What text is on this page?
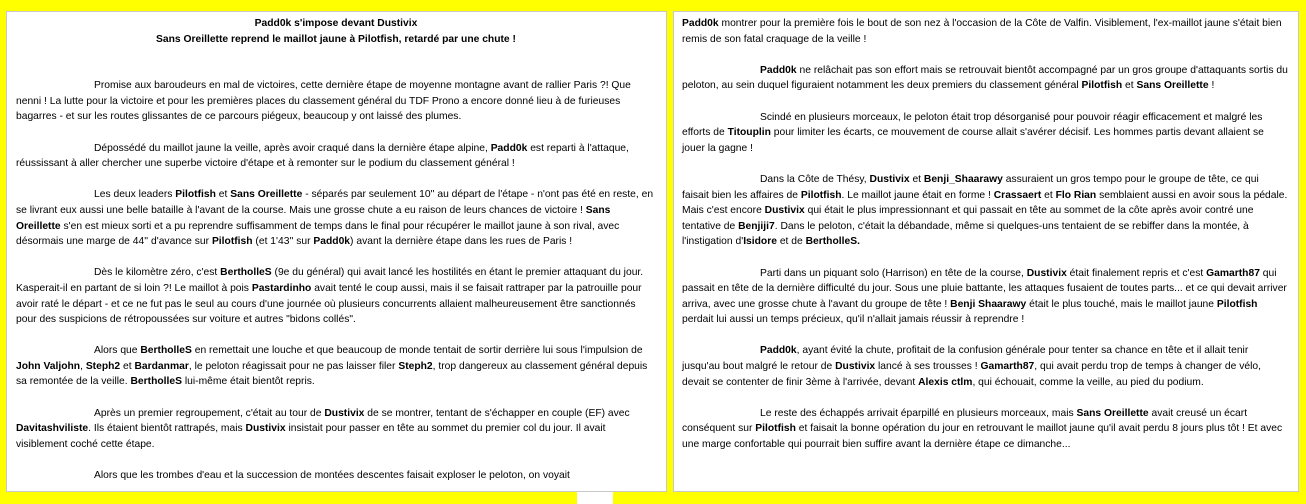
Padd0k s'impose devant Dustivix

Sans Oreillette reprend le maillot jaune à Pilotfish, retardé par une chute !

Promise aux baroudeurs en mal de victoires, cette dernière étape de moyenne montagne avant de rallier Paris ?! Que nenni ! La lutte pour la victoire et pour les premières places du classement général du TDF Prono a encore donné lieu à de furieuses bagarres - et sur les routes glissantes de ce parcours piégeux, beaucoup y ont laissé des plumes.

Dépossédé du maillot jaune la veille, après avoir craqué dans la dernière étape alpine, Padd0k est reparti à l'attaque, réussissant à aller chercher une superbe victoire d'étape et à remonter sur le podium du classement général !

Les deux leaders Pilotfish et Sans Oreillette - séparés par seulement 10'' au départ de l'étape - n'ont pas été en reste, en se livrant eux aussi une belle bataille à l'avant de la course. Mais une grosse chute a eu raison de leurs chances de victoire ! Sans Oreillette s'en est mieux sorti et a pu reprendre suffisamment de temps dans le final pour récupérer le maillot jaune à son rival, avec désormais une marge de 44'' d'avance sur Pilotfish (et 1'43'' sur Padd0k) avant la dernière étape dans les rues de Paris !

Dès le kilomètre zéro, c'est BertholleS (9e du général) qui avait lancé les hostilités en étant le premier attaquant du jour. Kasperait-il en partant de si loin ?! Le maillot à pois Pastardinho avait tenté le coup aussi, mais il se faisait rattraper par la patrouille pour avoir raté le départ - et ce ne fut pas le seul au cours d'une journée où plusieurs concurrents allaient malheureusement être sanctionnés pour des suspicions de rétropoussées sur voiture et autres "bidons collés".

Alors que BertholleS en remettait une louche et que beaucoup de monde tentait de sortir derrière lui sous l'impulsion de John Valjohn, Steph2 et Bardanmar, le peloton réagissait pour ne pas laisser filer Steph2, trop dangereux au classement général depuis sa remontée de la veille. BertholleS lui-même était bientôt repris.

Après un premier regroupement, c'était au tour de Dustivix de se montrer, tentant de s'échapper en couple (EF) avec Davitashviliste. Ils étaient bientôt rattrapés, mais Dustivix insistait pour passer en tête au sommet du premier col du jour. Il avait visiblement coché cette étape.

Alors que les trombes d'eau et la succession de montées descentes faisait exploser le peloton, on voyait

Padd0k montrer pour la première fois le bout de son nez à l'occasion de la Côte de Valfin. Visiblement, l'ex-maillot jaune s'était bien remis de son fatal craquage de la veille !

Padd0k ne relâchait pas son effort mais se retrouvait bientôt accompagné par un gros groupe d'attaquants sortis du peloton, au sein duquel figuraient notamment les deux premiers du classement général Pilotfish et Sans Oreillette !

Scindé en plusieurs morceaux, le peloton était trop désorganisé pour pouvoir réagir efficacement et malgré les efforts de Titouplin pour limiter les écarts, ce mouvement de course allait s'avérer décisif. Les hommes partis devant allaient se jouer la gagne !

Dans la Côte de Thésy, Dustivix et Benji_Shaarawy assuraient un gros tempo pour le groupe de tête, ce qui faisait bien les affaires de Pilotfish. Le maillot jaune était en forme ! Crassaert et Flo Rian semblaient aussi en avoir sous la pédale. Mais c'est encore Dustivix qui était le plus impressionnant et qui passait en tête au sommet de la côte après avoir contré une tentative de Benjiji7. Dans le peloton, c'était la débandade, même si quelques-uns tentaient de se rebiffer dans la montée, à l'instigation d'Isidore et de BertholleS.

Parti dans un piquant solo (Harrison) en tête de la course, Dustivix était finalement repris et c'est Gamarth87 qui passait en tête de la dernière difficulté du jour. Sous une pluie battante, les attaques fusaient de toutes parts... et ce qui devait arriver arriva, avec une grosse chute à l'avant du groupe de tête ! Benji Shaarawy était le plus touché, mais le maillot jaune Pilotfish perdait lui aussi un temps précieux, qu'il n'allait jamais réussir à reprendre !

Padd0k, ayant évité la chute, profitait de la confusion générale pour tenter sa chance en tête et il allait tenir jusqu'au bout malgré le retour de Dustivix lancé à ses trousses ! Gamarth87, qui avait perdu trop de temps à changer de vélo, devait se contenter de finir 3ème à l'arrivée, devant Alexis ctlm, qui échouait, comme la veille, au pied du podium.

Le reste des échappés arrivait éparpillé en plusieurs morceaux, mais Sans Oreillette avait creusé un écart conséquent sur Pilotfish et faisait la bonne opération du jour en retrouvant le maillot jaune qu'il avait perdu 8 jours plus tôt ! Et avec une marge confortable qui pourrait bien suffire avant la dernière étape ce dimanche...
